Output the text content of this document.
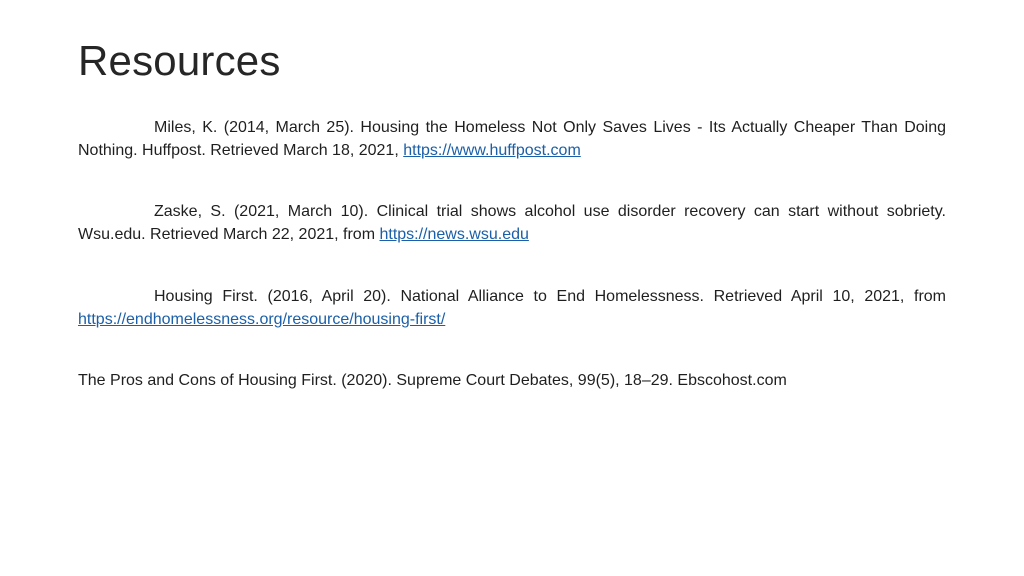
Resources

Miles, K. (2014, March 25). Housing the Homeless Not Only Saves Lives - Its Actually Cheaper Than Doing Nothing. Huffpost. Retrieved March 18, 2021, https://www.huffpost.com

Zaske, S. (2021, March 10). Clinical trial shows alcohol use disorder recovery can start without sobriety. Wsu.edu. Retrieved March 22, 2021, from https://news.wsu.edu

Housing First. (2016, April 20). National Alliance to End Homelessness. Retrieved April 10, 2021, from https://endhomelessness.org/resource/housing-first/

The Pros and Cons of Housing First. (2020). Supreme Court Debates, 99(5), 18–29. Ebscohost.com
